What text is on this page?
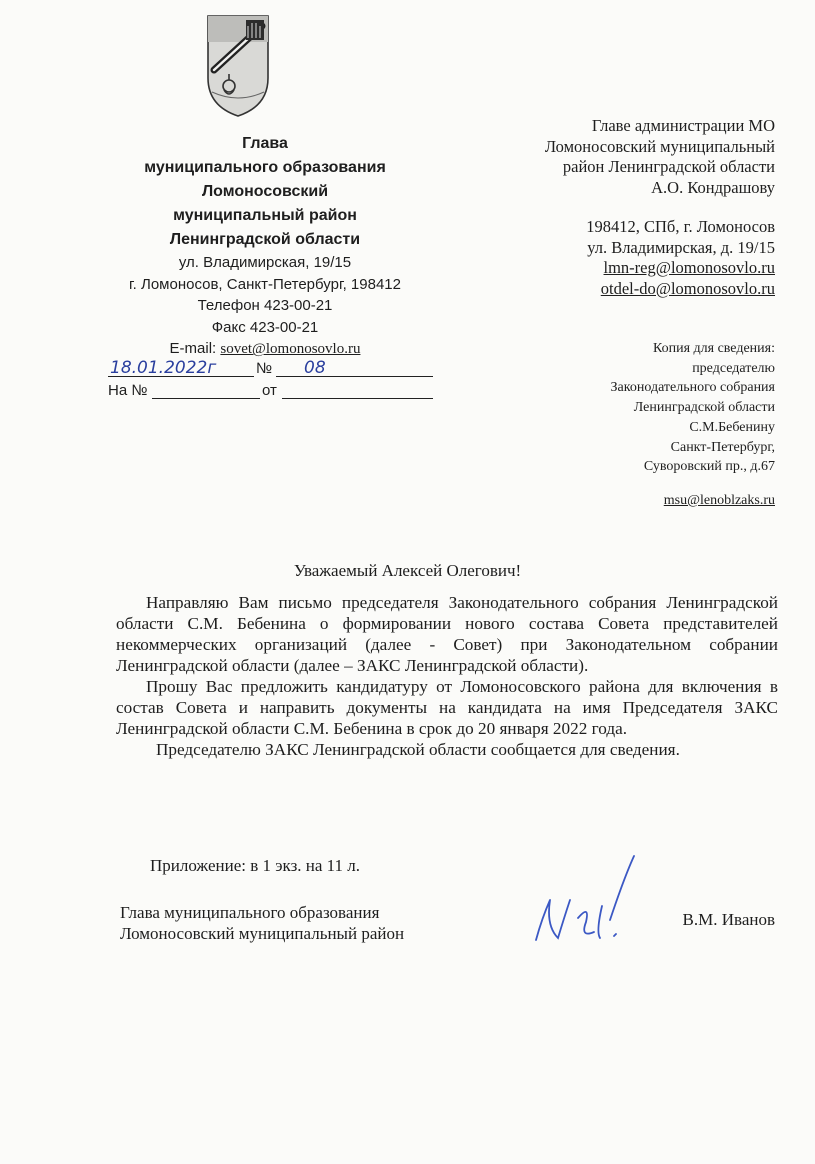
Глава
муниципального образования
Ломоносовский
муниципальный район
Ленинградской области
ул. Владимирская, 19/15
г. Ломоносов, Санкт-Петербург, 198412
Телефон 423-00-21
Факс 423-00-21
E-mail: sovet@lomonosovlo.ru
18.01.2022г	№ 08
На №	от
Главе администрации МО
Ломоносовский муниципальный
район Ленинградской области
А.О. Кондрашову
198412, СПб, г. Ломоносов
ул. Владимирская, д. 19/15
lmn-reg@lomonosovlo.ru
otdel-do@lomonosovlo.ru
Копия для сведения:
председателю
Законодательного собрания
Ленинградской области
С.М.Бебенину
Санкт-Петербург,
Суворовский пр., д.67
msu@lenoblzaks.ru
Уважаемый Алексей Олегович!

Направляю Вам письмо председателя Законодательного собрания Ленинградской области С.М. Бебенина о формировании нового состава Совета представителей некоммерческих организаций (далее - Совет) при Законодательном собрании Ленинградской области (далее – ЗАКС Ленинградской области).

Прошу Вас предложить кандидатуру от Ломоносовского района для включения в состав Совета и направить документы на кандидата на имя Председателя ЗАКС Ленинградской области С.М. Бебенина в срок до 20 января 2022 года.

Председателю ЗАКС Ленинградской области сообщается для сведения.

Приложение: в 1 экз. на 11 л.
Глава муниципального образования
Ломоносовский муниципальный район
В.М. Иванов
